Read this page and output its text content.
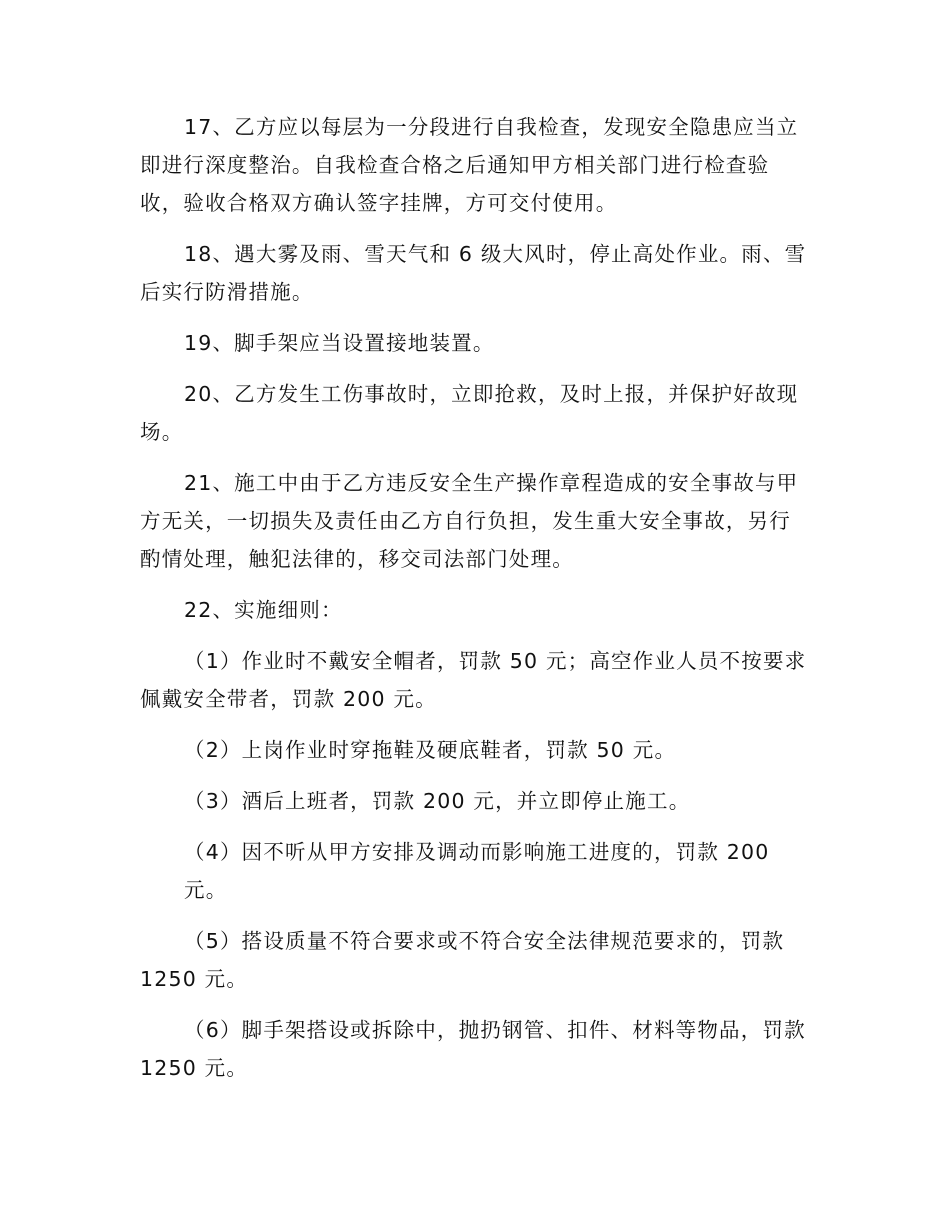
17、乙方应以每层为一分段进行自我检查，发现安全隐患应当立
即进行深度整治。自我检查合格之后通知甲方相关部门进行检查验
收，验收合格双方确认签字挂牌，方可交付使用。

18、遇大雾及雨、雪天气和 6 级大风时，停止高处作业。雨、雪
后实行防滑措施。

19、脚手架应当设置接地装置。

20、乙方发生工伤事故时，立即抢救，及时上报，并保护好故现
场。

21、施工中由于乙方违反安全生产操作章程造成的安全事故与甲
方无关，一切损失及责任由乙方自行负担，发生重大安全事故，另行
酌情处理，触犯法律的，移交司法部门处理。

22、实施细则：

（1）作业时不戴安全帽者，罚款 50 元；高空作业人员不按要求
佩戴安全带者，罚款 200 元。

（2）上岗作业时穿拖鞋及硬底鞋者，罚款 50 元。

（3）酒后上班者，罚款 200 元，并立即停止施工。

（4）因不听从甲方安排及调动而影响施工进度的，罚款 200 元。

（5）搭设质量不符合要求或不符合安全法律规范要求的，罚款
1250 元。

（6）脚手架搭设或拆除中，抛扔钢管、扣件、材料等物品，罚款
1250 元。
